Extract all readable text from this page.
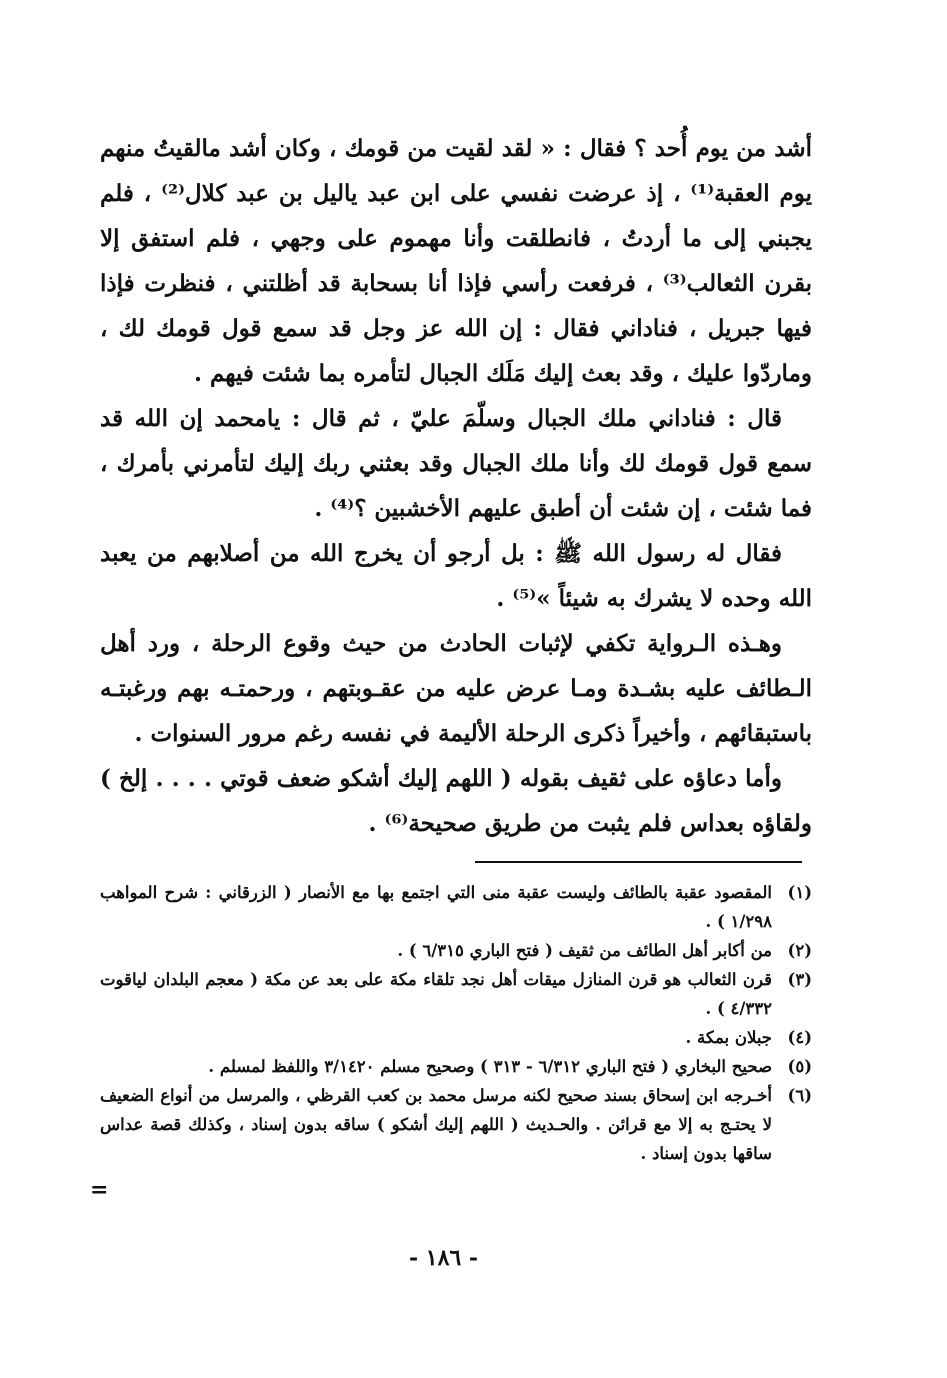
أشد من يوم أُحد ؟ فقال : « لقد لقيت من قومك ، وكان أشد مالقيتُ منهم يوم العقبة⁽¹⁾ ، إذ عرضت نفسي على ابن عبد ياليل بن عبد كلال⁽²⁾ ، فلم يجبني إلى ما أردتُ ، فانطلقت وأنا مهموم على وجهي ، فلم استفق إلا بقرن الثعالب⁽³⁾ ، فرفعت رأسي فإذا أنا بسحابة قد أظلتني ، فنظرت فإذا فيها جبريل ، فناداني فقال : إن الله عز وجل قد سمع قول قومك لك ، وماردّوا عليك ، وقد بعث إليك مَلَك الجبال لتأمره بما شئت فيهم .

قال : فناداني ملك الجبال وسلّمَ عليّ ، ثم قال : يامحمد إن الله قد سمع قول قومك لك وأنا ملك الجبال وقد بعثني ربك إليك لتأمرني بأمرك ، فما شئت ، إن شئت أن أطبق عليهم الأخشبين ؟⁽⁴⁾ .

فقال له رسول الله ﷺ : بل أرجو أن يخرج الله من أصلابهم من يعبد الله وحده لا يشرك به شيئاً »⁽⁵⁾ .

وهـذه الـرواية تكفي لإثبات الحادث من حيث وقوع الرحلة ، ورد أهل الـطائف عليه بشـدة ومـا عرض عليه من عقـوبتهم ، ورحمتـه بهم ورغبتـه باستبقائهم ، وأخيراً ذكرى الرحلة الأليمة في نفسه رغم مرور السنوات .

وأما دعاؤه على ثقيف بقوله ( اللهم إليك أشكو ضعف قوتي . . . . إلخ ) ولقاؤه بعداس فلم يثبت من طريق صحيحة⁽⁶⁾ .

(١)
المقصود عقبة بالطائف وليست عقبة منى التي اجتمع بها مع الأنصار ( الزرقاني : شرح المواهب ١/٢٩٨ ) .
(٢)
من أكابر أهل الطائف من ثقيف ( فتح الباري ٦/٣١٥ ) .
(٣)
قرن الثعالب هو قرن المنازل ميقات أهل نجد تلقاء مكة على بعد عن مكة ( معجم البلدان لياقوت ٤/٣٣٢ ) .
(٤)
جبلان بمكة .
(٥)
صحيح البخاري ( فتح الباري ٦/٣١٢ - ٣١٣ ) وصحيح مسلم ٣/١٤٢٠ واللفظ لمسلم .
(٦)
أخـرجه ابن إسحاق بسند صحيح لكنه مرسل محمد بن كعب القرظي ، والمرسل من أنواع الضعيف لا يحتـج به إلا مع قرائن . والحـديث ( اللهم إليك أشكو ) ساقه بدون إسناد ، وكذلك قصة عداس ساقها بدون إسناد .
=
- ١٨٦ -
